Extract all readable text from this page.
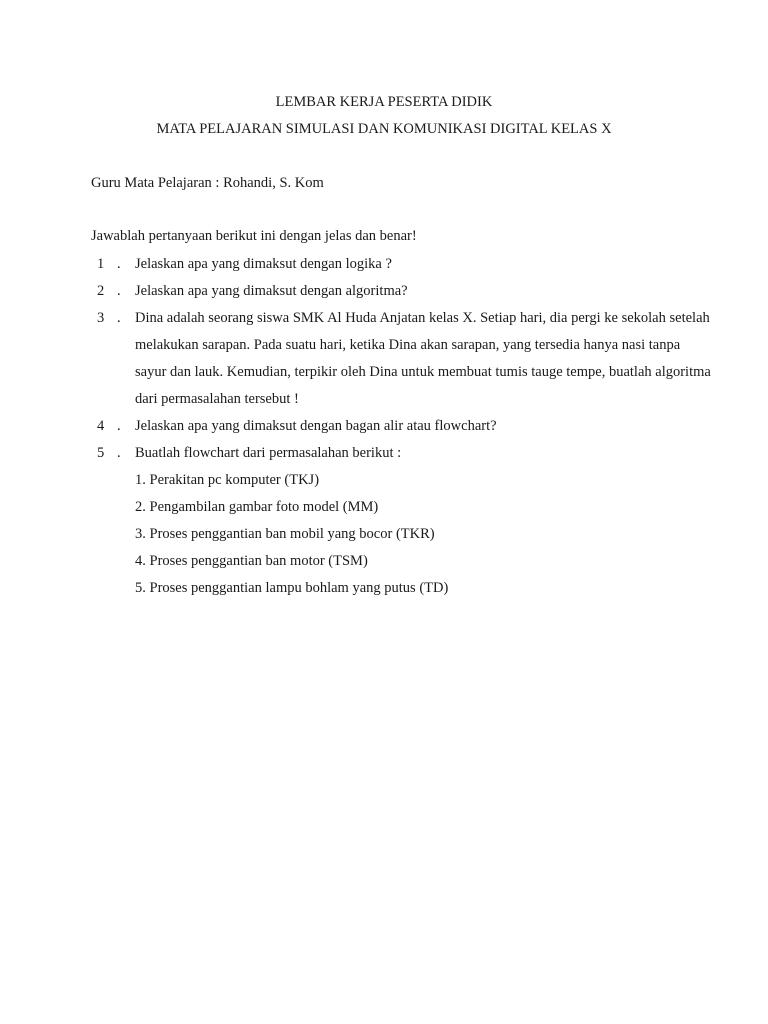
LEMBAR KERJA PESERTA DIDIK
MATA PELAJARAN SIMULASI DAN KOMUNIKASI DIGITAL KELAS X
Guru Mata Pelajaran : Rohandi, S. Kom
Jawablah pertanyaan berikut ini dengan jelas dan benar!
1 . Jelaskan apa yang dimaksut dengan logika ?
2 . Jelaskan apa yang dimaksut dengan algoritma?
3 . Dina adalah seorang siswa SMK Al Huda Anjatan kelas X. Setiap hari, dia pergi ke sekolah setelah
melakukan sarapan. Pada suatu hari, ketika Dina akan sarapan, yang tersedia hanya nasi tanpa
sayur dan lauk. Kemudian, terpikir oleh Dina untuk membuat tumis tauge tempe, buatlah algoritma
dari permasalahan tersebut !
4 . Jelaskan apa yang dimaksut dengan bagan alir atau flowchart?
5 . Buatlah flowchart dari permasalahan berikut :
1. Perakitan pc komputer (TKJ)
2. Pengambilan gambar foto model (MM)
3. Proses penggantian ban mobil yang bocor (TKR)
4. Proses penggantian ban motor (TSM)
5. Proses penggantian lampu bohlam yang putus (TD)
